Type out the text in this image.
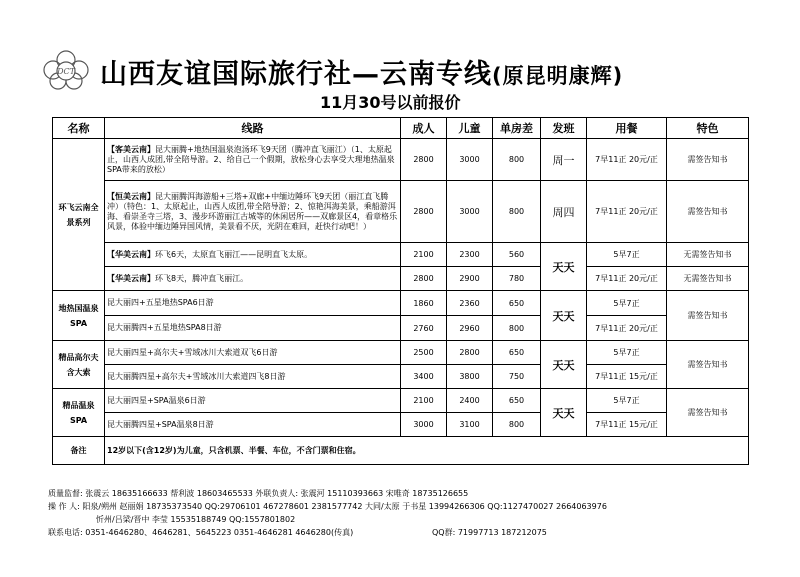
DCT 山西友谊国际旅行社—云南专线(原昆明康辉)
11月30号以前报价
名称	线路	成人	儿童	单房差	发班	用餐	特色
环飞云南全景系列	【客美云南】昆大丽腾+地热国温泉泡汤环飞9天团（腾冲直飞丽江）（1、太原起止，山西人成团,带全陪导游。2、给自己一个假期，放松身心去享受大理地热温泉SPA带来的放松）	2800	3000	800	周一	7早11正 20元/正	需签告知书
	【恒美云南】昆大丽腾洱海游船+三塔+双廊+中缅边陲环飞9天团（丽江直飞腾冲）（特色：1、太原起止，山西人成团,带全陪导游；2、惊艳洱海美景，乘船游洱海、看崇圣寺三塔，3、漫步环游丽江古城等的休闲居所——双廊景区4，看章格乐风景，体验中缅边陲异国风情，美景看不厌，光阴在难回，赶快行动吧！）	2800	3000	800	周四	7早11正 20元/正	需签告知书
	【华美云南】环飞6天，太原直飞丽江——昆明直飞太原。	2100	2300	560	天天	5早7正	无需签告知书
	【华美云南】环飞8天，腾冲直飞丽江。	2800	2900	780		7早11正 20元/正	无需签告知书
地热国温泉SPA	昆大丽四+五星地热SPA6日游	1860	2360	650	天天	5早7正	需签告知书
	昆大丽腾四+五星地热SPA8日游	2760	2960	800		7早11正 20元/正	
精品高尔夫含大索	昆大丽四星+高尔夫+雪域冰川大索道双飞6日游	2500	2800	650	天天	5早7正	需签告知书
	昆大丽腾四星+高尔夫+雪域冰川大索道四飞8日游	3400	3800	750		7早11正 15元/正	
精品温泉SPA	昆大丽四星+SPA温泉6日游	2100	2400	650	天天	5早7正	需签告知书
	昆大丽腾四星+SPA温泉8日游	3000	3100	800		7早11正 15元/正	
备注	12岁以下(含12岁)为儿童，只含机票、半餐、车位，不含门票和住宿。						
质量监督: 张震云 18635166633 帮利波 18603465533 外联负责人: 张震河 15110393663 宋唯奇 18735126655
操 作 人: 阳泉/朔州 赵丽娟 18735373540 QQ:29706101 467278601 2381577742 大同/太原 于书星 13994266306 QQ:1127470027 2664063976
忻州/吕梁/晋中 李莹 15535188749 QQ:1557801802
联系电话: 0351-4646280、4646281、5645223 0351-4646281 4646280(传真)	QQ群: 71997713 187212075
